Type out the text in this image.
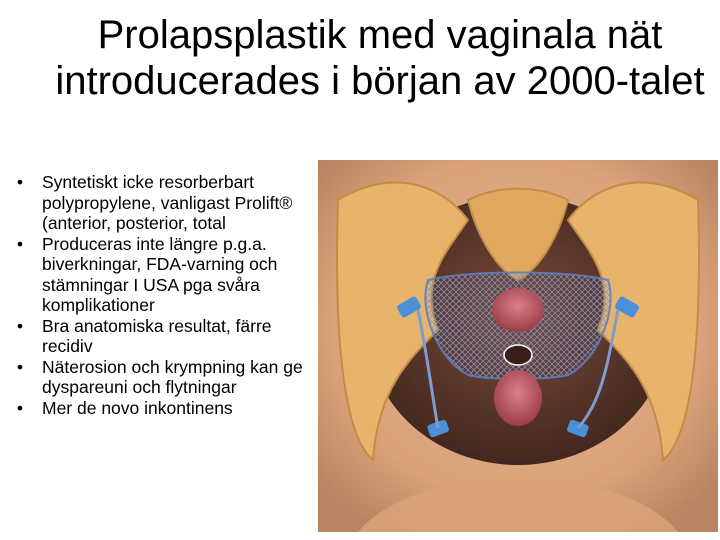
Prolapsplastik med vaginala nät introducerades i början av 2000-talet
•	Syntetiskt icke resorberbart polypropylene, vanligast Prolift® (anterior, posterior, total
•	Produceras inte längre p.g.a. biverkningar, FDA-varning och stämningar I USA pga svåra komplikationer
•	Bra anatomiska resultat, färre recidiv
•	Näterosion och krympning kan ge dyspareuni och flytningar
•	Mer de novo inkontinens
